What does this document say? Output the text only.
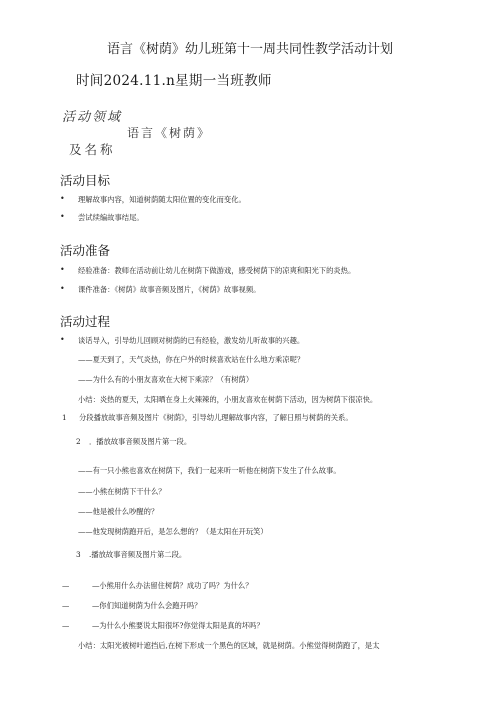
语言《树荫》幼儿班第十一周共同性教学活动计划
时间2024.11.n星期一当班教师
活动领域
语言《树荫》
及名称
活动目标
• 理解故事内容，知道树荫随太阳位置的变化而变化。
• 尝试续编故事结尾。
活动准备
• 经验准备：教师在活动前让幼儿在树荫下做游戏，感受树荫下的凉爽和阳光下的炎热。
• 课件准备：《树荫》故事音频及图片，《树荫》故事视频。
活动过程
• 谈话导入，引导幼儿回顾对树荫的已有经验，激发幼儿听故事的兴趣。
——夏天到了，天气炎热，你在户外的时候喜欢站在什么地方乘凉呢？
——为什么有的小朋友喜欢在大树下乘凉？（有树荫）
小结：炎热的夏天，太阳晒在身上火辣辣的，小朋友喜欢在树荫下活动，因为树荫下很凉快。
1 分段播放故事音频及图片《树荫》，引导幼儿理解故事内容，了解日照与树荫的关系。
2 ．播放故事音频及图片第一段。
——有一只小熊也喜欢在树荫下，我们一起来听一听他在树荫下发生了什么故事。
——小熊在树荫下干什么？
——他是被什么吵醒的？
——他发现树荫跑开后，是怎么想的？（是太阳在开玩笑）
3 .播放故事音频及图片第二段。
—	—小熊用什么办法留住树荫？成功了吗？为什么？
—	—你们知道树荫为什么会跑开吗？
—	—为什么小熊要说太阳很坏?你觉得太阳是真的坏吗？
小结：太阳光被树叶遮挡后,在树下形成一个黑色的区域，就是树荫。小熊觉得树荫跑了，是太
